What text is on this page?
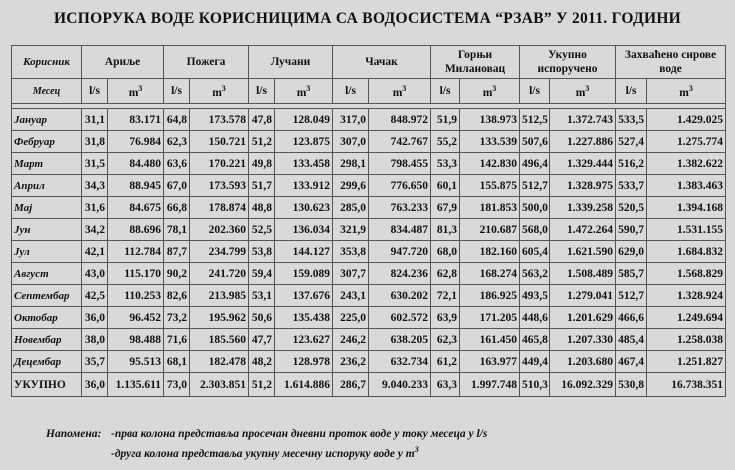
ИСПОРУКА ВОДЕ КОРИСНИЦИМА СА ВОДОСИСТЕМА “РЗАВ” У 2011. ГОДИНИ
Корисник	Ариље		Пожега		Лучани		Чачак		Горњи Милановац		Укупно испоручено		Захваћено сирове воде	
Месец	l/s	$m^3$	l/s	$m^3$	l/s	$m^3$	l/s	$m^3$	l/s	$m^3$	l/s	$m^3$	l/s	$m^3$

Јануар	31,1	83.171	64,8	173.578	47,8	128.049	317,0	848.972	51,9	138.973	512,5	1.372.743	533,5	1.429.025
Фебруар	31,8	76.984	62,3	150.721	51,2	123.875	307,0	742.767	55,2	133.539	507,6	1.227.886	527,4	1.275.774
Март	31,5	84.480	63,6	170.221	49,8	133.458	298,1	798.455	53,3	142.830	496,4	1.329.444	516,2	1.382.622
Април	34,3	88.945	67,0	173.593	51,7	133.912	299,6	776.650	60,1	155.875	512,7	1.328.975	533,7	1.383.463
Мај	31,6	84.675	66,8	178.874	48,8	130.623	285,0	763.233	67,9	181.853	500,0	1.339.258	520,5	1.394.168
Јун	34,2	88.696	78,1	202.360	52,5	136.034	321,9	834.487	81,3	210.687	568,0	1.472.264	590,7	1.531.155
Јул	42,1	112.784	87,7	234.799	53,8	144.127	353,8	947.720	68,0	182.160	605,4	1.621.590	629,0	1.684.832
Август	43,0	115.170	90,2	241.720	59,4	159.089	307,7	824.236	62,8	168.274	563,2	1.508.489	585,7	1.568.829
Септембар	42,5	110.253	82,6	213.985	53,1	137.676	243,1	630.202	72,1	186.925	493,5	1.279.041	512,7	1.328.924
Октобар	36,0	96.452	73,2	195.962	50,6	135.438	225,0	602.572	63,9	171.205	448,6	1.201.629	466,6	1.249.694
Новембар	38,0	98.488	71,6	185.560	47,7	123.627	246,2	638.205	62,3	161.450	465,8	1.207.330	485,4	1.258.038
Децембар	35,7	95.513	68,1	182.478	48,2	128.978	236,2	632.734	61,2	163.977	449,4	1.203.680	467,4	1.251.827
УКУПНО	36,0	1.135.611	73,0	2.303.851	51,2	1.614.886	286,7	9.040.233	63,3	1.997.748	510,3	16.092.329	530,8	16.738.351
Напомена: -прва колона представља просечан дневни проток воде у току месеца у l/s
-друга колона представља укупну месечну испоруку воде у $m^3$
